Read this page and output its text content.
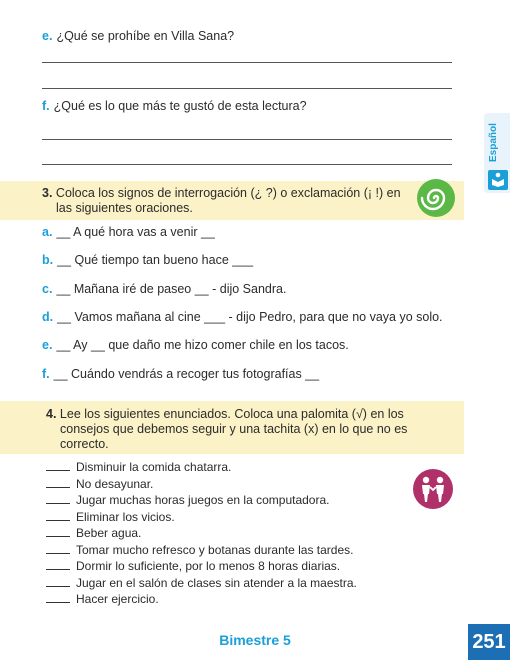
e. ¿Qué se prohíbe en Villa Sana?
f. ¿Qué es lo que más te gustó de esta lectura?
Español
3. Coloca los signos de interrogación (¿ ?) o exclamación (¡ !) en
las siguientes oraciones.
a. __ A qué hora vas a venir __
b. __ Qué tiempo tan bueno hace ___
c. __ Mañana iré de paseo __ - dijo Sandra.
d. __ Vamos mañana al cine ___ - dijo Pedro, para que no vaya yo solo.
e. __ Ay __ que daño me hizo comer chile en los tacos.
f. __ Cuándo vendrás a recoger tus fotografías __
4. Lee los siguientes enunciados. Coloca una palomita (√) en los
consejos que debemos seguir y una tachita (x) en lo que no es
correcto.
Disminuir la comida chatarra.
No desayunar.
Jugar muchas horas juegos en la computadora.
Eliminar los vicios.
Beber agua.
Tomar mucho refresco y botanas durante las tardes.
Dormir lo suficiente, por lo menos 8 horas diarias.
Jugar en el salón de clases sin atender a la maestra.
Hacer ejercicio.
Bimestre 5	251
